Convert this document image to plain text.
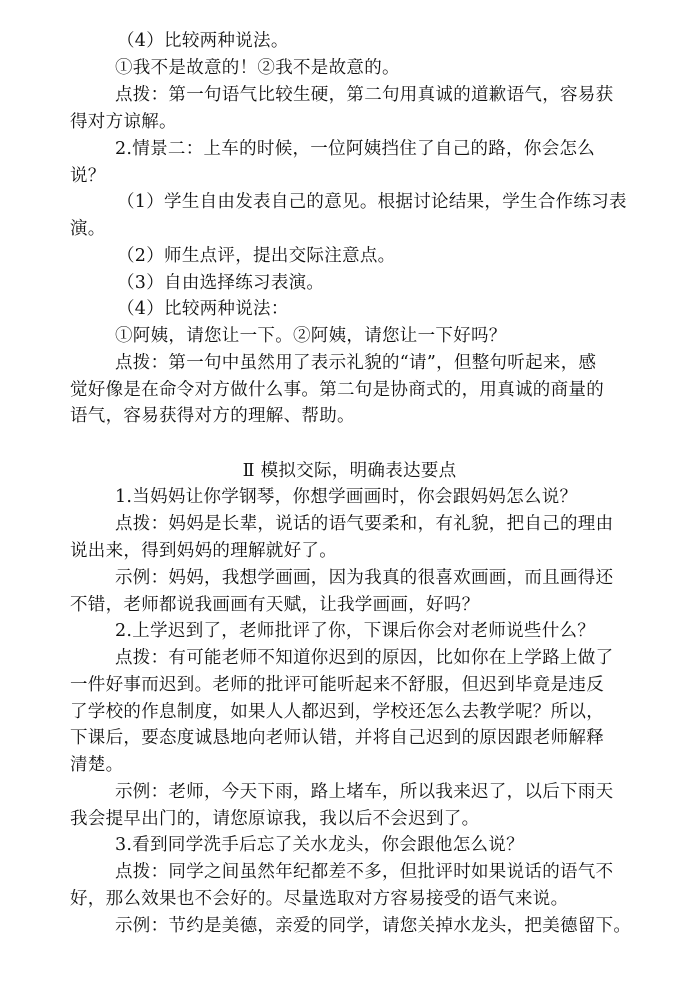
（4）比较两种说法。
①我不是故意的！②我不是故意的。
点拨：第一句语气比较生硬，第二句用真诚的道歉语气，容易获
得对方谅解。
2.情景二：上车的时候，一位阿姨挡住了自己的路，你会怎么
说？
（1）学生自由发表自己的意见。根据讨论结果，学生合作练习表
演。
（2）师生点评，提出交际注意点。
（3）自由选择练习表演。
（4）比较两种说法：
①阿姨，请您让一下。②阿姨，请您让一下好吗？
点拨：第一句中虽然用了表示礼貌的“请”，但整句听起来，感
觉好像是在命令对方做什么事。第二句是协商式的，用真诚的商量的
语气，容易获得对方的理解、帮助。
Ⅱ 模拟交际，明确表达要点
1.当妈妈让你学钢琴，你想学画画时，你会跟妈妈怎么说？
点拨：妈妈是长辈，说话的语气要柔和，有礼貌，把自己的理由
说出来，得到妈妈的理解就好了。
示例：妈妈，我想学画画，因为我真的很喜欢画画，而且画得还
不错，老师都说我画画有天赋，让我学画画，好吗？
2.上学迟到了，老师批评了你，下课后你会对老师说些什么？
点拨：有可能老师不知道你迟到的原因，比如你在上学路上做了
一件好事而迟到。老师的批评可能听起来不舒服，但迟到毕竟是违反
了学校的作息制度，如果人人都迟到，学校还怎么去教学呢？所以，
下课后，要态度诚恳地向老师认错，并将自己迟到的原因跟老师解释
清楚。
示例：老师，今天下雨，路上堵车，所以我来迟了，以后下雨天
我会提早出门的，请您原谅我，我以后不会迟到了。
3.看到同学洗手后忘了关水龙头，你会跟他怎么说？
点拨：同学之间虽然年纪都差不多，但批评时如果说话的语气不
好，那么效果也不会好的。尽量选取对方容易接受的语气来说。
示例：节约是美德，亲爱的同学，请您关掉水龙头，把美德留下。
